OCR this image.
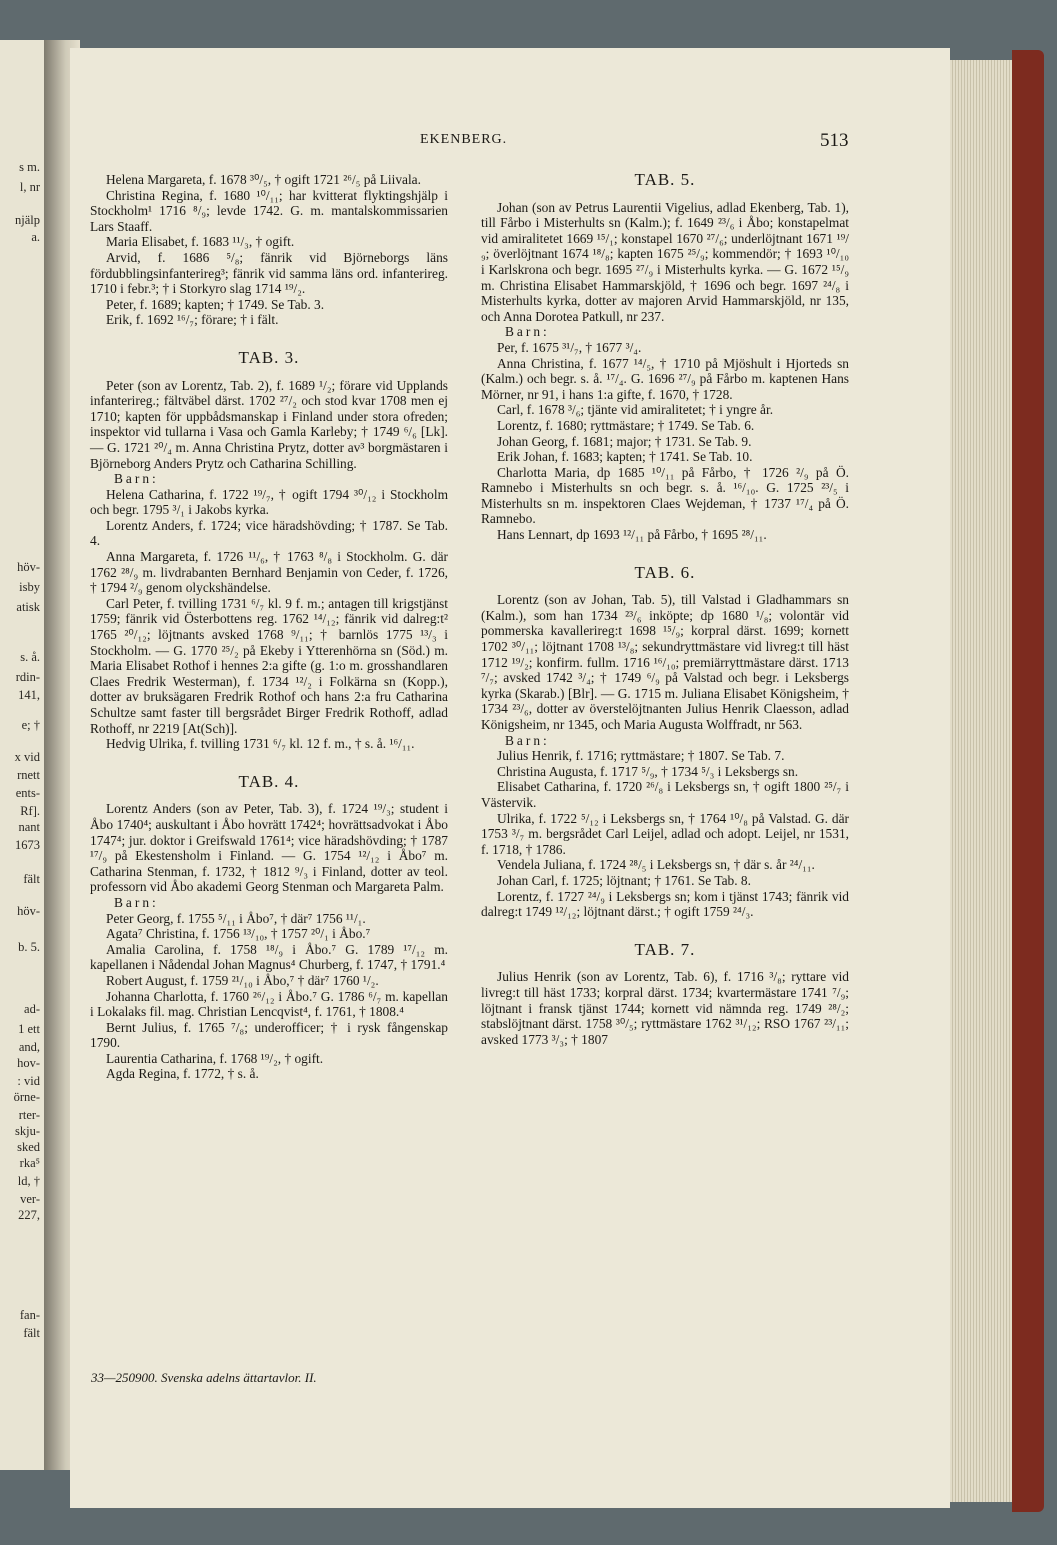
s m.
l, nr
njälp
a.
höv-
isby
atisk
s. å.
rdin-
141,
e; †
x vid
rnett
ents-
Rf].
nant
1673
fält
höv-
b. 5.
ad-
1 ett
and,
hov-
: vid
örne-
rter-
skju-
sked
rka⁵
ld, †
ver-
227,
fan-
fält
EKENBERG.	513

Helena Margareta, f. 1678 ³⁰/₅, † ogift 1721 ²⁶/₅ på Liivala.

Christina Regina, f. 1680 ¹⁰/₁₁; har kvitterat flyktingshjälp i Stockholm¹ 1716 ⁸/₉; levde 1742. G. m. mantalskommissarien Lars Staaff.

Maria Elisabet, f. 1683 ¹¹/₃, † ogift.

Arvid, f. 1686 ⁵/₈; fänrik vid Björneborgs läns fördubblingsinfanterireg³; fänrik vid samma läns ord. infanterireg. 1710 i febr.³; † i Storkyro slag 1714 ¹⁹/₂.

Peter, f. 1689; kapten; † 1749. Se Tab. 3.

Erik, f. 1692 ¹⁶/₇; förare; † i fält.

TAB. 3.

Peter (son av Lorentz, Tab. 2), f. 1689 ¹/₂; förare vid Upplands infanterireg.; fältväbel därst. 1702 ²⁷/₂ och stod kvar 1708 men ej 1710; kapten för uppbådsmanskap i Finland under stora ofreden; inspektor vid tullarna i Vasa och Gamla Karleby; † 1749 ⁶/₆ [Lk]. — G. 1721 ²⁰/₄ m. Anna Christina Prytz, dotter av³ borgmästaren i Björneborg Anders Prytz och Catharina Schilling.

Barn:

Helena Catharina, f. 1722 ¹⁹/₇, † ogift 1794 ³⁰/₁₂ i Stockholm och begr. 1795 ³/₁ i Jakobs kyrka.

Lorentz Anders, f. 1724; vice häradshövding; † 1787. Se Tab. 4.

Anna Margareta, f. 1726 ¹¹/₆, † 1763 ⁸/₈ i Stockholm. G. där 1762 ²⁸/₉ m. livdrabanten Bernhard Benjamin von Ceder, f. 1726, † 1794 ²/₉ genom olyckshändelse.

Carl Peter, f. tvilling 1731 ⁶/₇ kl. 9 f. m.; antagen till krigstjänst 1759; fänrik vid Österbottens reg. 1762 ¹⁴/₁₂; fänrik vid dalreg:t² 1765 ²⁰/₁₂; löjtnants avsked 1768 ⁹/₁₁; † barnlös 1775 ¹³/₃ i Stockholm. — G. 1770 ²⁵/₂ på Ekeby i Ytterenhörna sn (Söd.) m. Maria Elisabet Rothof i hennes 2:a gifte (g. 1:o m. grosshandlaren Claes Fredrik Westerman), f. 1734 ¹²/₂ i Folkärna sn (Kopp.), dotter av bruksägaren Fredrik Rothof och hans 2:a fru Catharina Schultze samt faster till bergsrådet Birger Fredrik Rothoff, adlad Rothoff, nr 2219 [At(Sch)].

Hedvig Ulrika, f. tvilling 1731 ⁶/₇ kl. 12 f. m., † s. å. ¹⁶/₁₁.

TAB. 4.

Lorentz Anders (son av Peter, Tab. 3), f. 1724 ¹⁹/₃; student i Åbo 1740⁴; auskultant i Åbo hovrätt 1742⁴; hovrättsadvokat i Åbo 1747⁴; jur. doktor i Greifswald 1761⁴; vice häradshövding; † 1787 ¹⁷/₉ på Ekestensholm i Finland. — G. 1754 ¹²/₁₂ i Åbo⁷ m. Catharina Stenman, f. 1732, † 1812 ⁹/₃ i Finland, dotter av teol. professorn vid Åbo akademi Georg Stenman och Margareta Palm.

Barn:

Peter Georg, f. 1755 ⁵/₁₁ i Åbo⁷, † där⁷ 1756 ¹¹/₁.

Agata⁷ Christina, f. 1756 ¹³/₁₀, † 1757 ²⁰/₁ i Åbo.⁷

Amalia Carolina, f. 1758 ¹⁸/₉ i Åbo.⁷ G. 1789 ¹⁷/₁₂ m. kapellanen i Nådendal Johan Magnus⁴ Churberg, f. 1747, † 1791.⁴

Robert August, f. 1759 ²¹/₁₀ i Åbo,⁷ † där⁷ 1760 ¹/₂.

Johanna Charlotta, f. 1760 ²⁶/₁₂ i Åbo.⁷ G. 1786 ⁶/₇ m. kapellan i Lokalaks fil. mag. Christian Lencqvist⁴, f. 1761, † 1808.⁴

Bernt Julius, f. 1765 ⁷/₈; underofficer; † i rysk fångenskap 1790.

Laurentia Catharina, f. 1768 ¹⁹/₂, † ogift.

Agda Regina, f. 1772, † s. å.

TAB. 5.

Johan (son av Petrus Laurentii Vigelius, adlad Ekenberg, Tab. 1), till Fårbo i Misterhults sn (Kalm.); f. 1649 ²³/₆ i Åbo; konstapelmat vid amiralitetet 1669 ¹⁵/₁; konstapel 1670 ²⁷/₆; underlöjtnant 1671 ¹⁹/₉; överlöjtnant 1674 ¹⁸/₈; kapten 1675 ²⁵/₉; kommendör; † 1693 ¹⁰/₁₀ i Karlskrona och begr. 1695 ²⁷/₉ i Misterhults kyrka. — G. 1672 ¹⁵/₉ m. Christina Elisabet Hammarskjöld, † 1696 och begr. 1697 ²⁴/₈ i Misterhults kyrka, dotter av majoren Arvid Hammarskjöld, nr 135, och Anna Dorotea Patkull, nr 237.

Barn:

Per, f. 1675 ³¹/₇, † 1677 ³/₄.

Anna Christina, f. 1677 ¹⁴/₅, † 1710 på Mjöshult i Hjorteds sn (Kalm.) och begr. s. å. ¹⁷/₄. G. 1696 ²⁷/₉ på Fårbo m. kaptenen Hans Mörner, nr 91, i hans 1:a gifte, f. 1670, † 1728.

Carl, f. 1678 ³/₆; tjänte vid amiralitetet; † i yngre år.

Lorentz, f. 1680; ryttmästare; † 1749. Se Tab. 6.

Johan Georg, f. 1681; major; † 1731. Se Tab. 9.

Erik Johan, f. 1683; kapten; † 1741. Se Tab. 10.

Charlotta Maria, dp 1685 ¹⁰/₁₁ på Fårbo, † 1726 ²/₉ på Ö. Ramnebo i Misterhults sn och begr. s. å. ¹⁶/₁₀. G. 1725 ²³/₅ i Misterhults sn m. inspektoren Claes Wejdeman, † 1737 ¹⁷/₄ på Ö. Ramnebo.

Hans Lennart, dp 1693 ¹²/₁₁ på Fårbo, † 1695 ²⁸/₁₁.

TAB. 6.

Lorentz (son av Johan, Tab. 5), till Valstad i Gladhammars sn (Kalm.), som han 1734 ²³/₆ inköpte; dp 1680 ¹/₈; volontär vid pommerska kavallerireg:t 1698 ¹⁵/₉; korpral därst. 1699; kornett 1702 ³⁰/₁₁; löjtnant 1708 ¹³/₈; sekundryttmästare vid livreg:t till häst 1712 ¹⁹/₂; konfirm. fullm. 1716 ¹⁶/₁₀; premiärryttmästare därst. 1713 ⁷/₇; avsked 1742 ³/₄; † 1749 ⁶/₉ på Valstad och begr. i Leksbergs kyrka (Skarab.) [Blr]. — G. 1715 m. Juliana Elisabet Königsheim, † 1734 ²³/₆, dotter av överstelöjtnanten Julius Henrik Claesson, adlad Königsheim, nr 1345, och Maria Augusta Wolffradt, nr 563.

Barn:

Julius Henrik, f. 1716; ryttmästare; † 1807. Se Tab. 7.

Christina Augusta, f. 1717 ⁵/₉, † 1734 ⁵/₃ i Leksbergs sn.

Elisabet Catharina, f. 1720 ²⁶/₈ i Leksbergs sn, † ogift 1800 ²⁵/₇ i Västervik.

Ulrika, f. 1722 ⁵/₁₂ i Leksbergs sn, † 1764 ¹⁰/₈ på Valstad. G. där 1753 ³/₇ m. bergsrådet Carl Leijel, adlad och adopt. Leijel, nr 1531, f. 1718, † 1786.

Vendela Juliana, f. 1724 ²⁸/₅ i Leksbergs sn, † där s. år ²⁴/₁₁.

Johan Carl, f. 1725; löjtnant; † 1761. Se Tab. 8.

Lorentz, f. 1727 ²⁴/₉ i Leksbergs sn; kom i tjänst 1743; fänrik vid dalreg:t 1749 ¹²/₁₂; löjtnant därst.; † ogift 1759 ²⁴/₃.

TAB. 7.

Julius Henrik (son av Lorentz, Tab. 6), f. 1716 ³/₈; ryttare vid livreg:t till häst 1733; korpral därst. 1734; kvartermästare 1741 ⁷/₉; löjtnant i fransk tjänst 1744; kornett vid nämnda reg. 1749 ²⁸/₂; stabslöjtnant därst. 1758 ³⁰/₅; ryttmästare 1762 ³¹/₁₂; RSO 1767 ²³/₁₁; avsked 1773 ³/₃; † 1807

33—250900. Svenska adelns ättartavlor. II.
